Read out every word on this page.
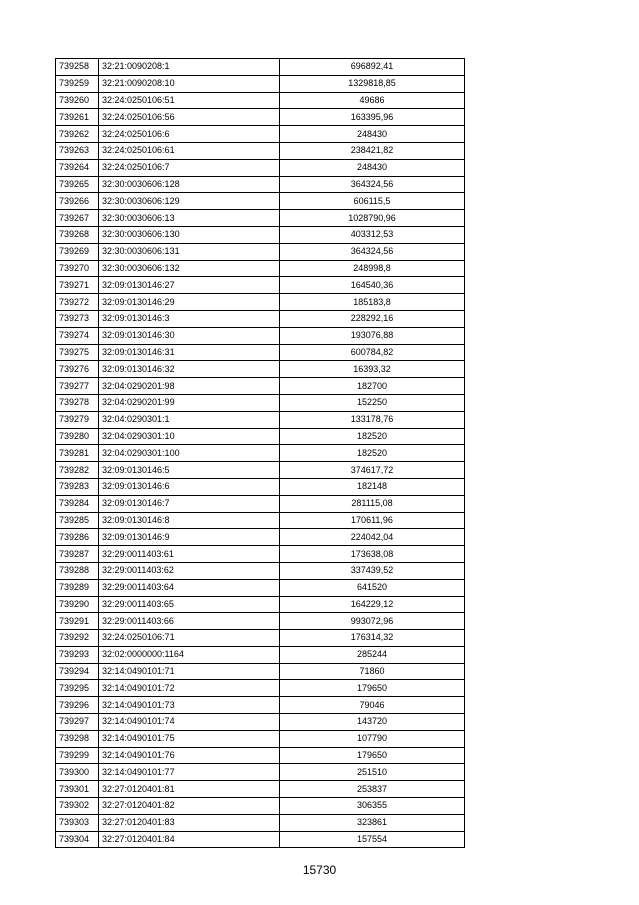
739258	32:21:0090208:1	696892,41
739259	32:21:0090208:10	1329818,85
739260	32:24:0250106:51	49686
739261	32:24:0250106:56	163395,96
739262	32:24:0250106:6	248430
739263	32:24:0250106:61	238421,82
739264	32:24:0250106:7	248430
739265	32:30:0030606:128	364324,56
739266	32:30:0030606:129	606115,5
739267	32:30:0030606:13	1028790,96
739268	32:30:0030606:130	403312,53
739269	32:30:0030606:131	364324,56
739270	32:30:0030606:132	248998,8
739271	32:09:0130146:27	164540,36
739272	32:09:0130146:29	185183,8
739273	32:09:0130146:3	228292,16
739274	32:09:0130146:30	193076,88
739275	32:09:0130146:31	600784,82
739276	32:09:0130146:32	16393,32
739277	32:04:0290201:98	182700
739278	32:04:0290201:99	152250
739279	32:04:0290301:1	133178,76
739280	32:04:0290301:10	182520
739281	32:04:0290301:100	182520
739282	32:09:0130146:5	374617,72
739283	32:09:0130146:6	182148
739284	32:09:0130146:7	281115,08
739285	32:09:0130146:8	170611,96
739286	32:09:0130146:9	224042,04
739287	32:29:0011403:61	173638,08
739288	32:29:0011403:62	337439,52
739289	32:29:0011403:64	641520
739290	32:29:0011403:65	164229,12
739291	32:29:0011403:66	993072,96
739292	32:24:0250106:71	176314,32
739293	32:02:0000000:1164	285244
739294	32:14:0490101:71	71860
739295	32:14:0490101:72	179650
739296	32:14:0490101:73	79046
739297	32:14:0490101:74	143720
739298	32:14:0490101:75	107790
739299	32:14:0490101:76	179650
739300	32:14:0490101:77	251510
739301	32:27:0120401:81	253837
739302	32:27:0120401:82	306355
739303	32:27:0120401:83	323861
739304	32:27:0120401:84	157554
15730
